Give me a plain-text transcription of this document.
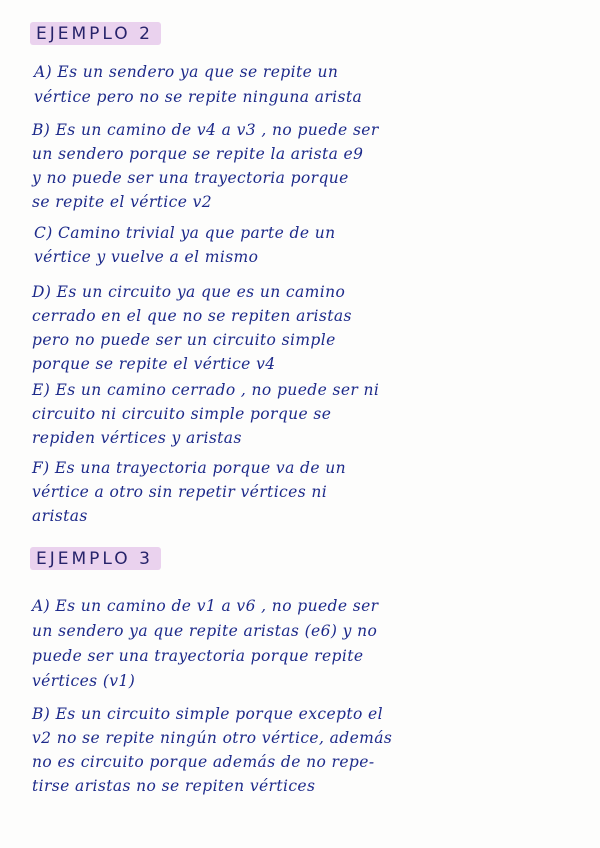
EJEMPLO 2
A) Es un sendero ya que se repite un
vértice pero no se repite ninguna arista
B) Es un camino de v4 a v3 , no puede ser
un sendero porque se repite la arista e9
y no puede ser una trayectoria porque
se repite el vértice v2
C) Camino trivial ya que parte de un
vértice y vuelve a el mismo
D) Es un circuito ya que es un camino
cerrado en el que no se repiten aristas
pero no puede ser un circuito simple
porque se repite el vértice v4
E) Es un camino cerrado , no puede ser ni
circuito ni circuito simple porque se
repiden vértices y aristas
F) Es una trayectoria porque va de un
vértice a otro sin repetir vértices ni
aristas
EJEMPLO 3
A) Es un camino de v1 a v6 , no puede ser
un sendero ya que repite aristas (e6) y no
puede ser una trayectoria porque repite
vértices (v1)
B) Es un circuito simple porque excepto el
v2 no se repite ningún otro vértice, además
no es circuito porque además de no repe-
tirse aristas no se repiten vértices
